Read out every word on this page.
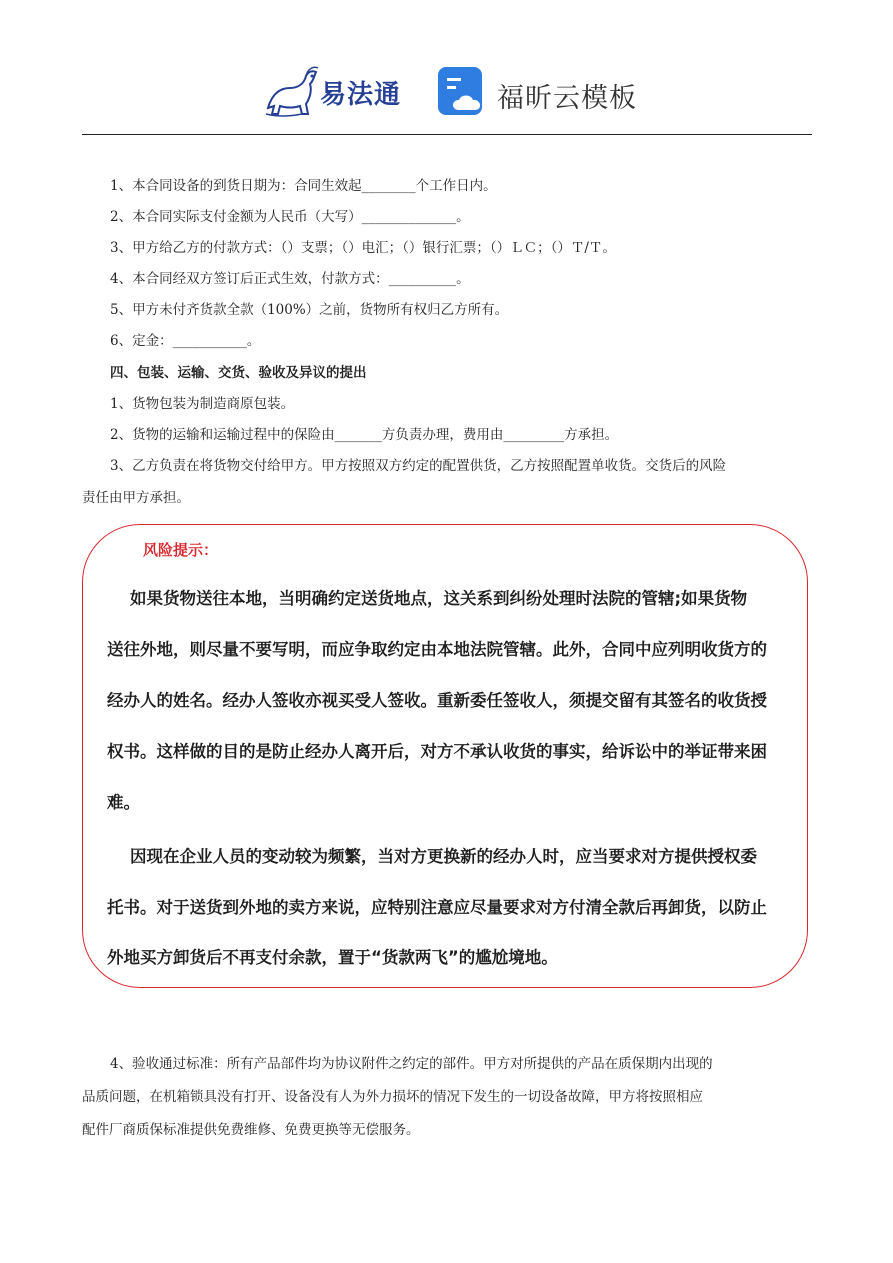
易法通	福昕云模板
1、本合同设备的到货日期为：合同生效起________个工作日内。
2、本合同实际支付金额为人民币（大写）______________。
3、甲方给乙方的付款方式：（）支票；（）电汇；（）银行汇票；（）ＬＣ；（）Ｔ/Ｔ。
4、本合同经双方签订后正式生效，付款方式：__________。
5、甲方未付齐货款全款（100%）之前，货物所有权归乙方所有。
6、定金：___________。
四、包装、运输、交货、验收及异议的提出
1、货物包装为制造商原包装。
2、货物的运输和运输过程中的保险由_______方负责办理，费用由_________方承担。
3、乙方负责在将货物交付给甲方。甲方按照双方约定的配置供货，乙方按照配置单收货。交货后的风险
责任由甲方承担。
风险提示：
如果货物送往本地，当明确约定送货地点，这关系到纠纷处理时法院的管辖;如果货物
送往外地，则尽量不要写明，而应争取约定由本地法院管辖。此外，合同中应列明收货方的
经办人的姓名。经办人签收亦视买受人签收。重新委任签收人，须提交留有其签名的收货授
权书。这样做的目的是防止经办人离开后，对方不承认收货的事实，给诉讼中的举证带来困
难。
因现在企业人员的变动较为频繁，当对方更换新的经办人时，应当要求对方提供授权委
托书。对于送货到外地的卖方来说，应特别注意应尽量要求对方付清全款后再卸货，以防止
外地买方卸货后不再支付余款，置于“货款两飞”的尴尬境地。
4、验收通过标准：所有产品部件均为协议附件之约定的部件。甲方对所提供的产品在质保期内出现的
品质问题，在机箱锁具没有打开、设备没有人为外力损坏的情况下发生的一切设备故障，甲方将按照相应
配件厂商质保标准提供免费维修、免费更换等无偿服务。
